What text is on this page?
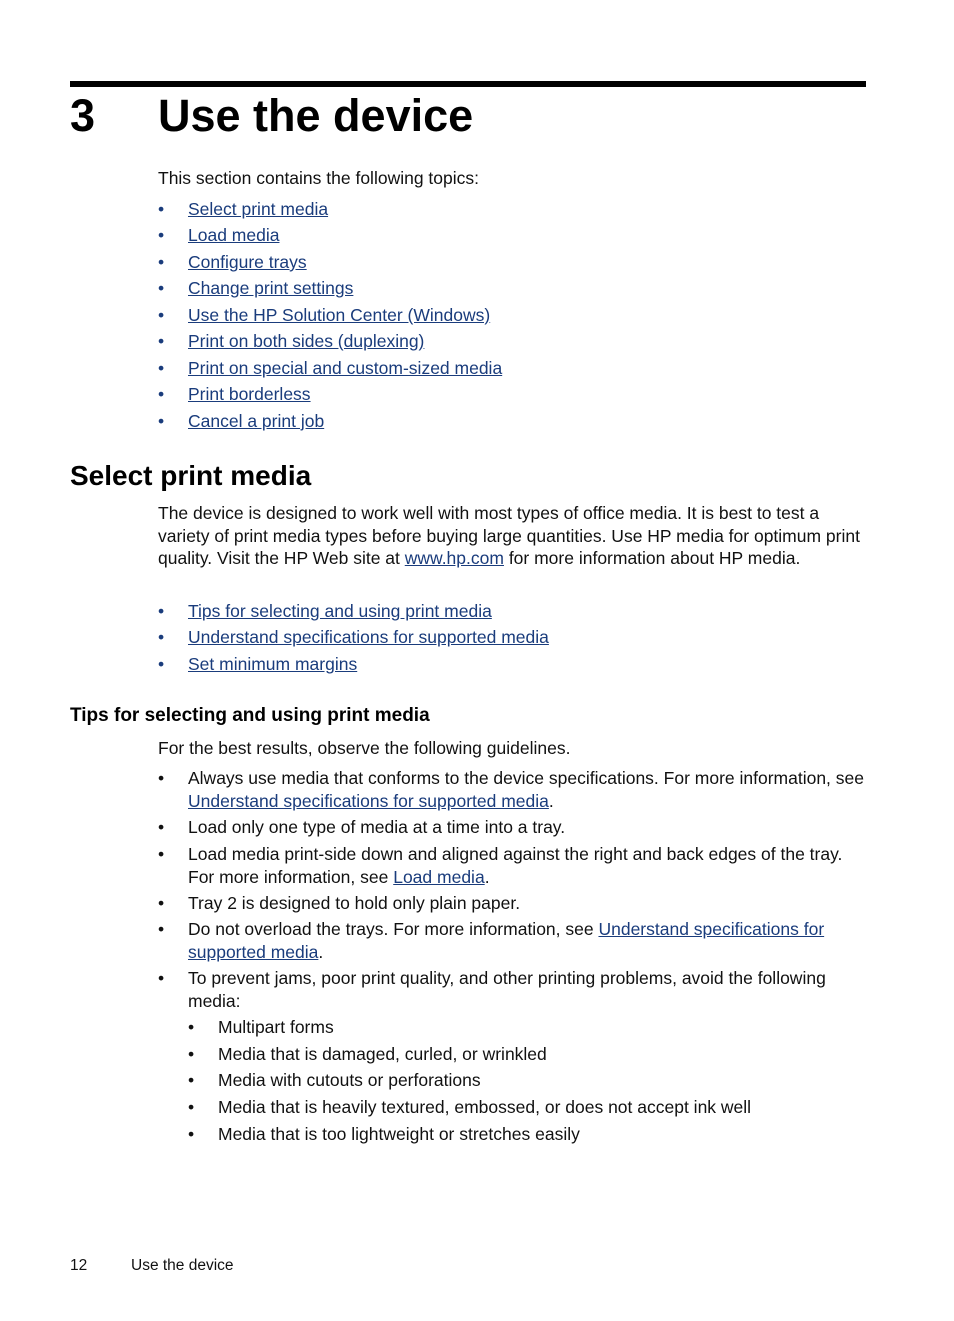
3 Use the device
This section contains the following topics:
• Select print media
• Load media
• Configure trays
• Change print settings
• Use the HP Solution Center (Windows)
• Print on both sides (duplexing)
• Print on special and custom-sized media
• Print borderless
• Cancel a print job
Select print media
The device is designed to work well with most types of office media. It is best to test a variety of print media types before buying large quantities. Use HP media for optimum print quality. Visit the HP Web site at www.hp.com for more information about HP media.
• Tips for selecting and using print media
• Understand specifications for supported media
• Set minimum margins
Tips for selecting and using print media
For the best results, observe the following guidelines.
• Always use media that conforms to the device specifications. For more information, see Understand specifications for supported media.
• Load only one type of media at a time into a tray.
• Load media print-side down and aligned against the right and back edges of the tray. For more information, see Load media.
• Tray 2 is designed to hold only plain paper.
• Do not overload the trays. For more information, see Understand specifications for supported media.
• To prevent jams, poor print quality, and other printing problems, avoid the following media:
• Multipart forms
• Media that is damaged, curled, or wrinkled
• Media with cutouts or perforations
• Media that is heavily textured, embossed, or does not accept ink well
• Media that is too lightweight or stretches easily
12	Use the device
